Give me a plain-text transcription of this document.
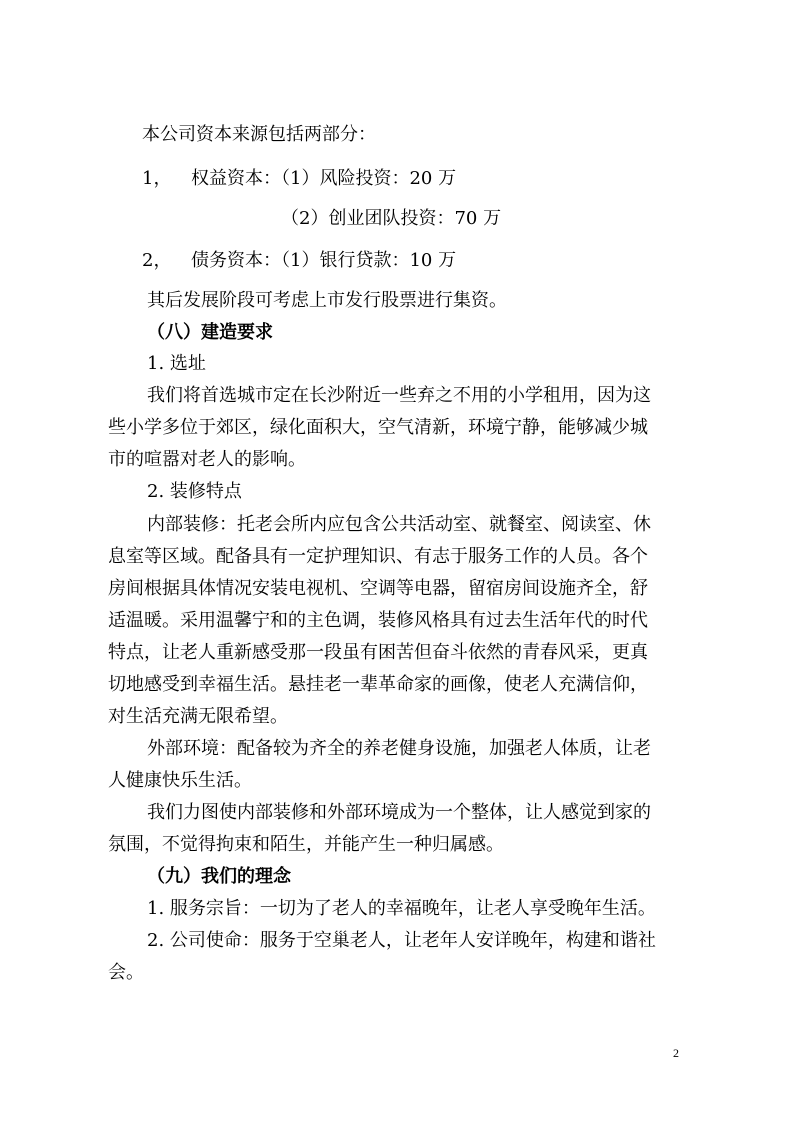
本公司资本来源包括两部分：
1， 权益资本：（1）风险投资：20 万
（2）创业团队投资：70 万
2， 债务资本：（1）银行贷款：10 万
其后发展阶段可考虑上市发行股票进行集资。
（八）建造要求
1. 选址
我们将首选城市定在长沙附近一些弃之不用的小学租用，因为这
些小学多位于郊区，绿化面积大，空气清新，环境宁静，能够减少城
市的喧嚣对老人的影响。
2. 装修特点
内部装修：托老会所内应包含公共活动室、就餐室、阅读室、休
息室等区域。配备具有一定护理知识、有志于服务工作的人员。各个
房间根据具体情况安装电视机、空调等电器，留宿房间设施齐全，舒
适温暖。采用温馨宁和的主色调，装修风格具有过去生活年代的时代
特点，让老人重新感受那一段虽有困苦但奋斗依然的青春风采，更真
切地感受到幸福生活。悬挂老一辈革命家的画像，使老人充满信仰，
对生活充满无限希望。
外部环境：配备较为齐全的养老健身设施，加强老人体质，让老
人健康快乐生活。
我们力图使内部装修和外部环境成为一个整体，让人感觉到家的
氛围，不觉得拘束和陌生，并能产生一种归属感。
（九）我们的理念
1. 服务宗旨：一切为了老人的幸福晚年，让老人享受晚年生活。
2. 公司使命：服务于空巢老人，让老年人安详晚年，构建和谐社
会。
2
